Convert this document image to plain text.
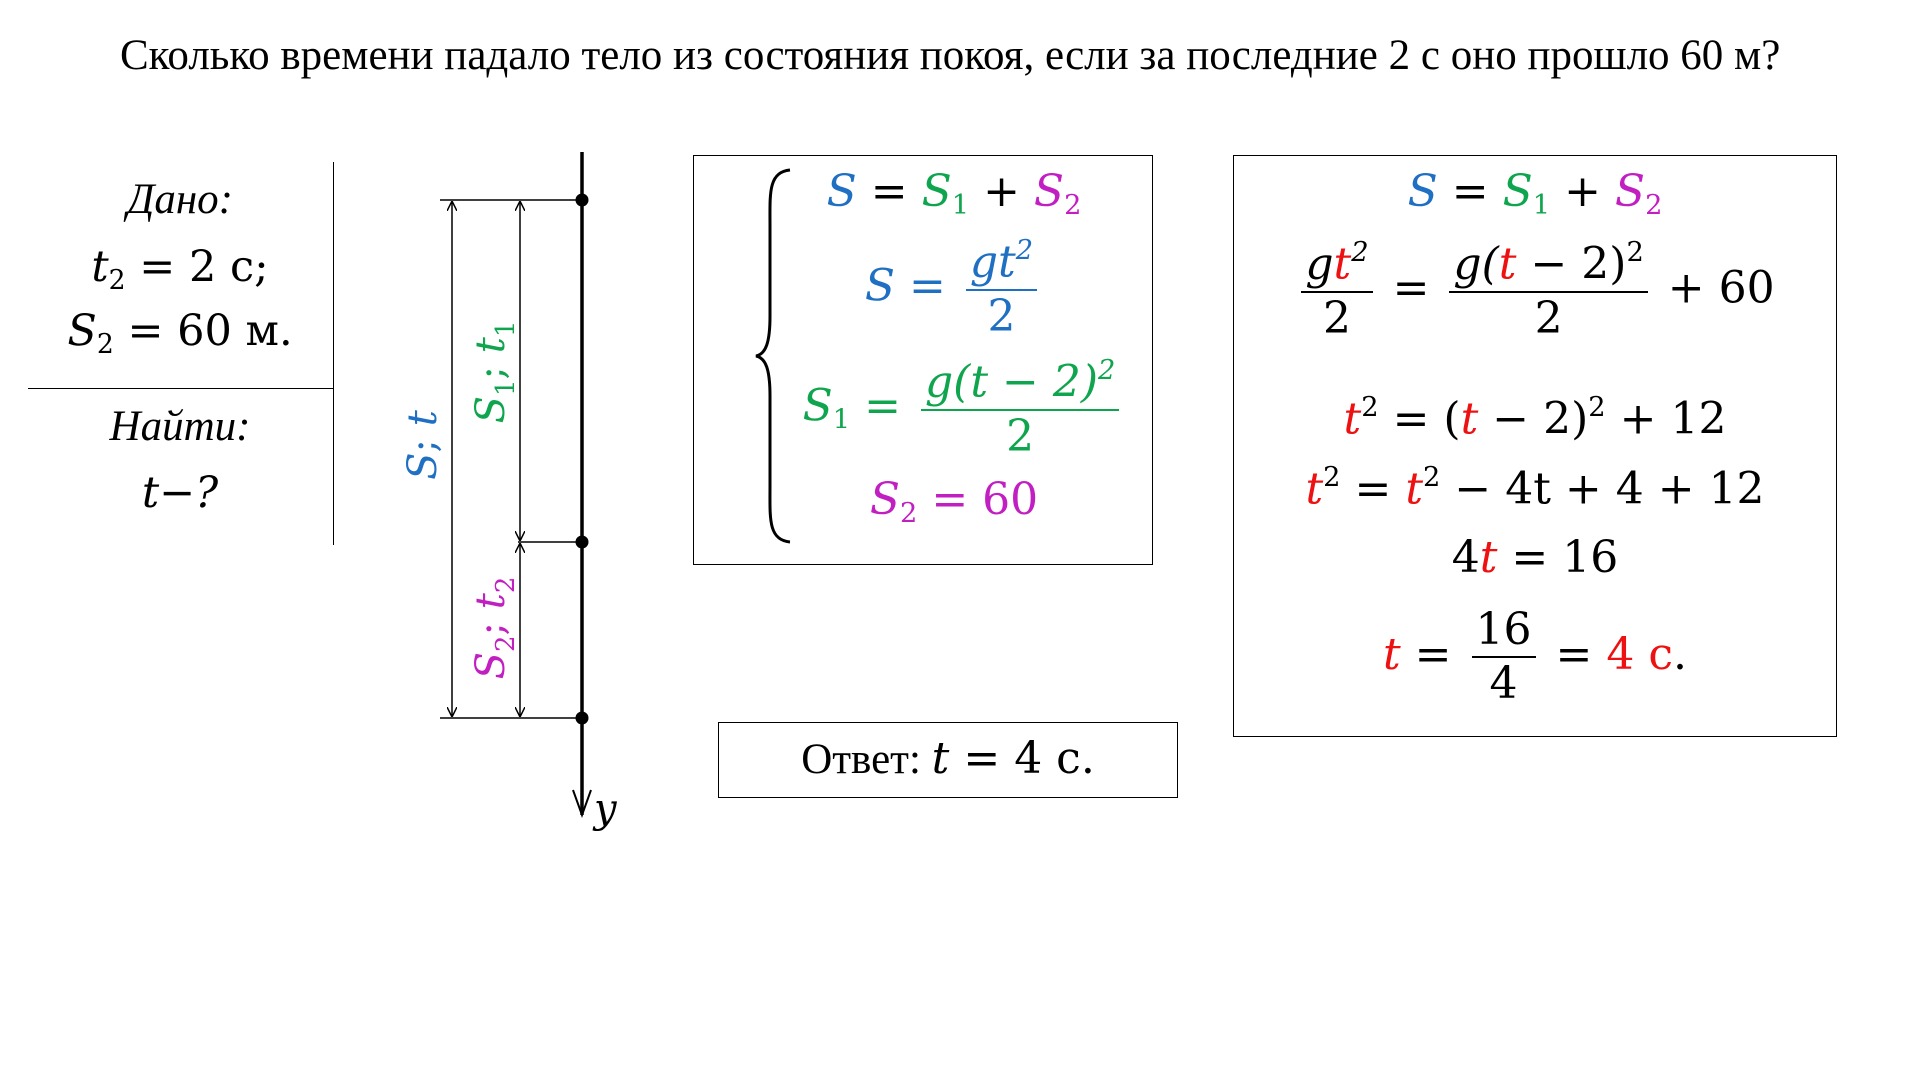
Сколько времени падало тело из состояния покоя, если за последние 2 с оно прошло 60 м?
Дано:
$t_2 = 2$ с;
$S_2 = 60$ м.
Найти:
t−?
S; t $S_1$; $t_1$
$S_2$; $t_2$
y
$S = S_1 + S_2$
$S = \frac{gt^2}{2}$
$S_1 = \frac{g(t - 2)^2}{2}$
$S_2 = 60$
$S = S_1 + S_2$
$\frac{gt^2}{2} = \frac{g(t - 2)^2}{2} + 60$
$t^2 = (t - 2)^2 + 12$
$t^2 = t^2 - 4t + 4 + 12$
4t = 16
$t = \frac{16}{4} = 4$ с.
Ответ: t = 4 с.
